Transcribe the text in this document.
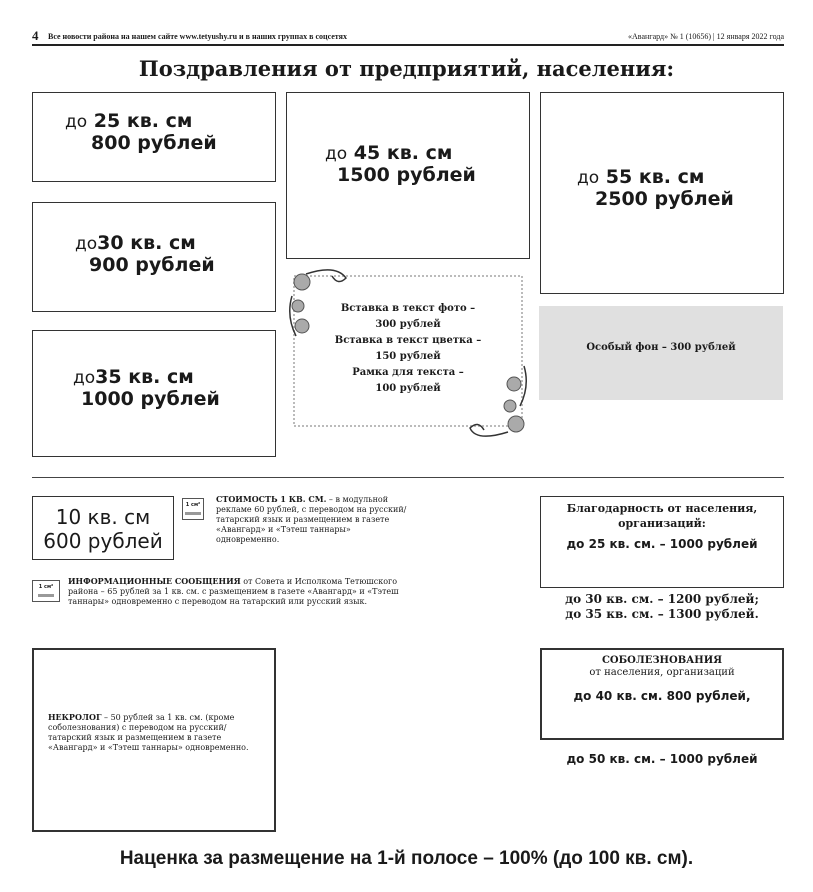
4 Все новости района на нашем сайте www.tetyushy.ru и в наших группах в соцсетях	«Авангард» № 1 (10656) | 12 января 2022 года
Поздравления от предприятий, населения:
до 25 кв. см
800 рублей
до30 кв. см
900 рублей
до35 кв. см
1000 рублей
до 45 кв. см
1500 рублей
Вставка в текст фото –
300 рублей
Вставка в текст цветка –
150 рублей
Рамка для текста –
100 рублей
до 55 кв. см
2500 рублей
Особый фон – 300 рублей
10 кв. см
600 рублей
1 см²
СТОИМОСТЬ 1 КВ. СМ. – в модульной рекламе 60 рублей, с переводом на русский/татарский язык и размещением в газете «Авангард» и «Тэтеш таннары» одновременно.
1 см²
ИНФОРМАЦИОННЫЕ СООБЩЕНИЯ от Совета и Исполкома Тетюшского района – 65 рублей за 1 кв. см. с размещением в газете «Авангард» и «Тэтеш таннары» одновременно с переводом на татарский или русский язык.
НЕКРОЛОГ – 50 рублей за 1 кв. см. (кроме соболезнования) с переводом на русский/татарский язык и размещением в газете «Авангард» и «Тэтеш таннары» одновременно.
Благодарность от населения, организаций:
до 25 кв. см. – 1000 рублей
до 30 кв. см. – 1200 рублей;
до 35 кв. см. – 1300 рублей.
СОБОЛЕЗНОВАНИЯ
от населения, организаций
до 40 кв. см. 800 рублей,
до 50 кв. см. – 1000 рублей
Наценка за размещение на 1-й полосе – 100% (до 100 кв. см).
